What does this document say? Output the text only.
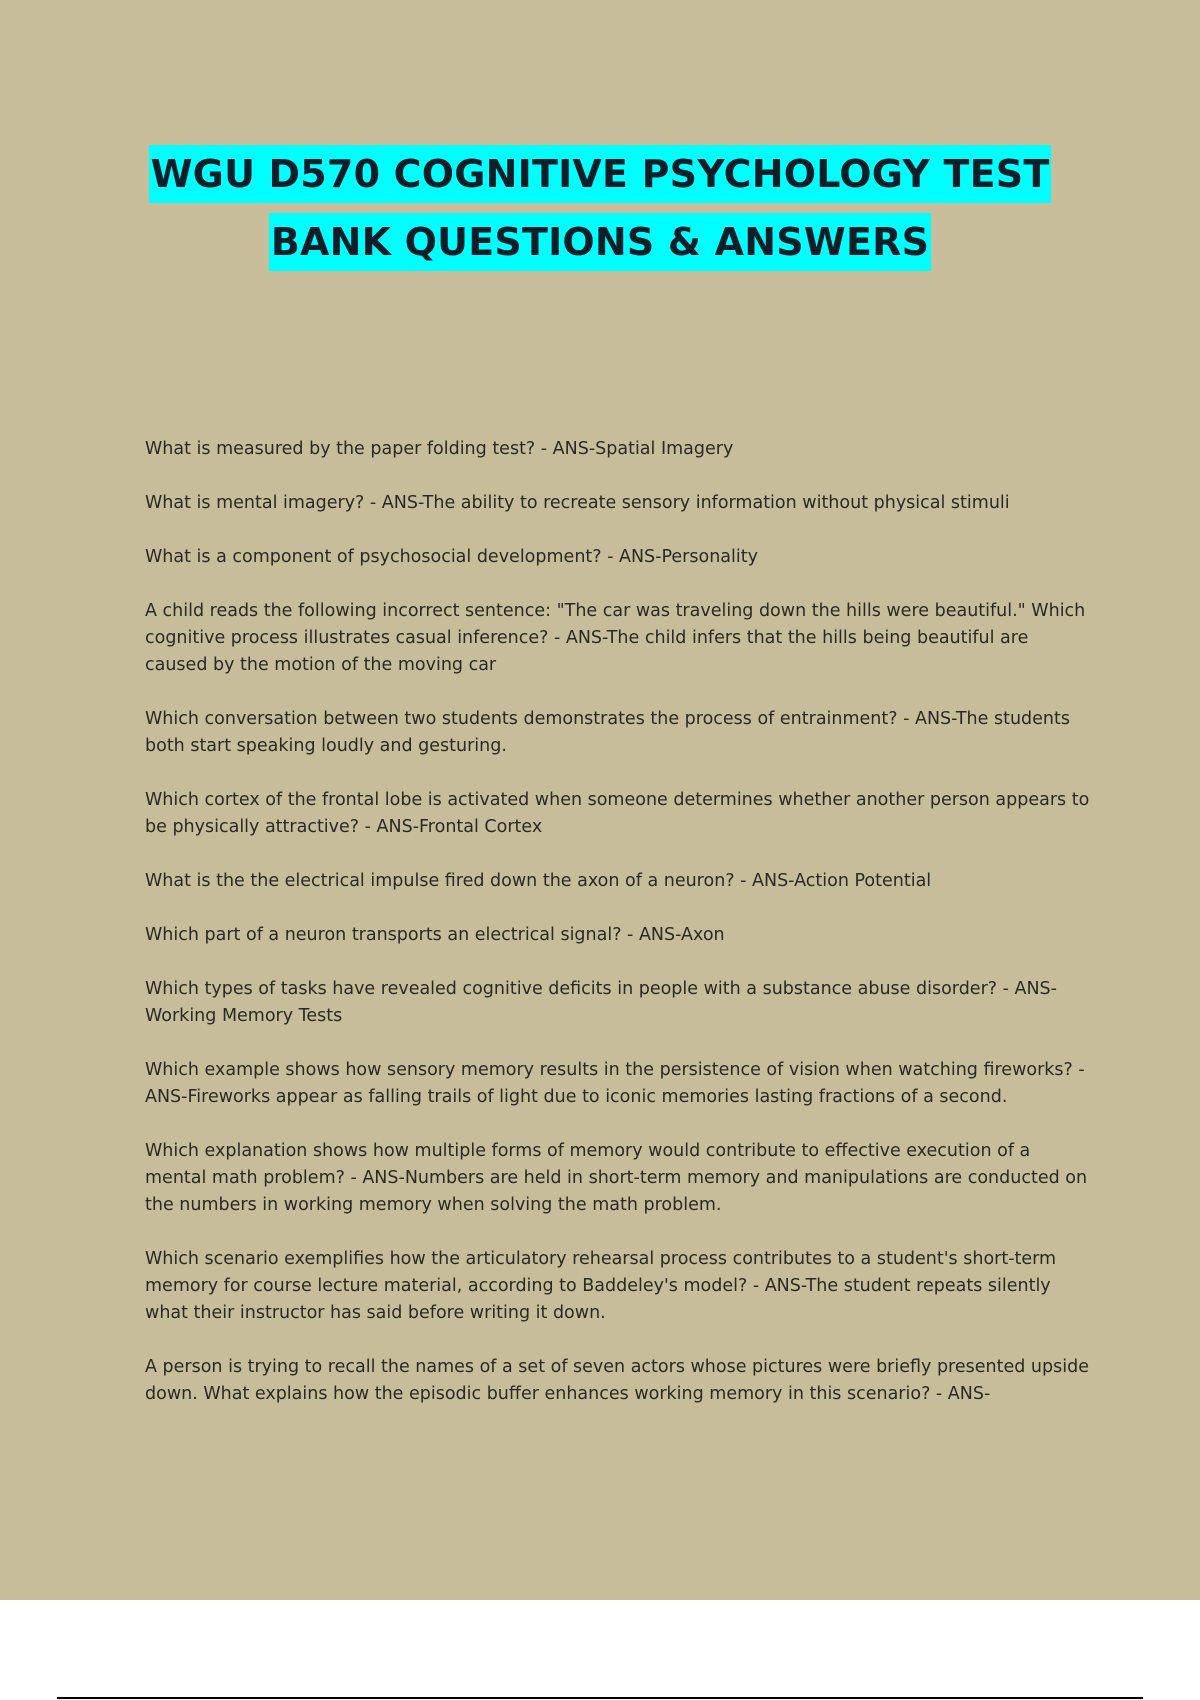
WGU D570 COGNITIVE PSYCHOLOGY TEST
BANK QUESTIONS & ANSWERS
What is measured by the paper folding test? - ANS-Spatial Imagery
What is mental imagery? - ANS-The ability to recreate sensory information without physical stimuli
What is a component of psychosocial development? - ANS-Personality
A child reads the following incorrect sentence: "The car was traveling down the hills were beautiful." Which cognitive process illustrates casual inference? - ANS-The child infers that the hills being beautiful are caused by the motion of the moving car
Which conversation between two students demonstrates the process of entrainment? - ANS-The students both start speaking loudly and gesturing.
Which cortex of the frontal lobe is activated when someone determines whether another person appears to be physically attractive? - ANS-Frontal Cortex
What is the the electrical impulse fired down the axon of a neuron? - ANS-Action Potential
Which part of a neuron transports an electrical signal? - ANS-Axon
Which types of tasks have revealed cognitive deficits in people with a substance abuse disorder? - ANS-Working Memory Tests
Which example shows how sensory memory results in the persistence of vision when watching fireworks? - ANS-Fireworks appear as falling trails of light due to iconic memories lasting fractions of a second.
Which explanation shows how multiple forms of memory would contribute to effective execution of a mental math problem? - ANS-Numbers are held in short-term memory and manipulations are conducted on the numbers in working memory when solving the math problem.
Which scenario exemplifies how the articulatory rehearsal process contributes to a student's short-term memory for course lecture material, according to Baddeley's model? - ANS-The student repeats silently what their instructor has said before writing it down.
A person is trying to recall the names of a set of seven actors whose pictures were briefly presented upside down. What explains how the episodic buffer enhances working memory in this scenario? - ANS-
